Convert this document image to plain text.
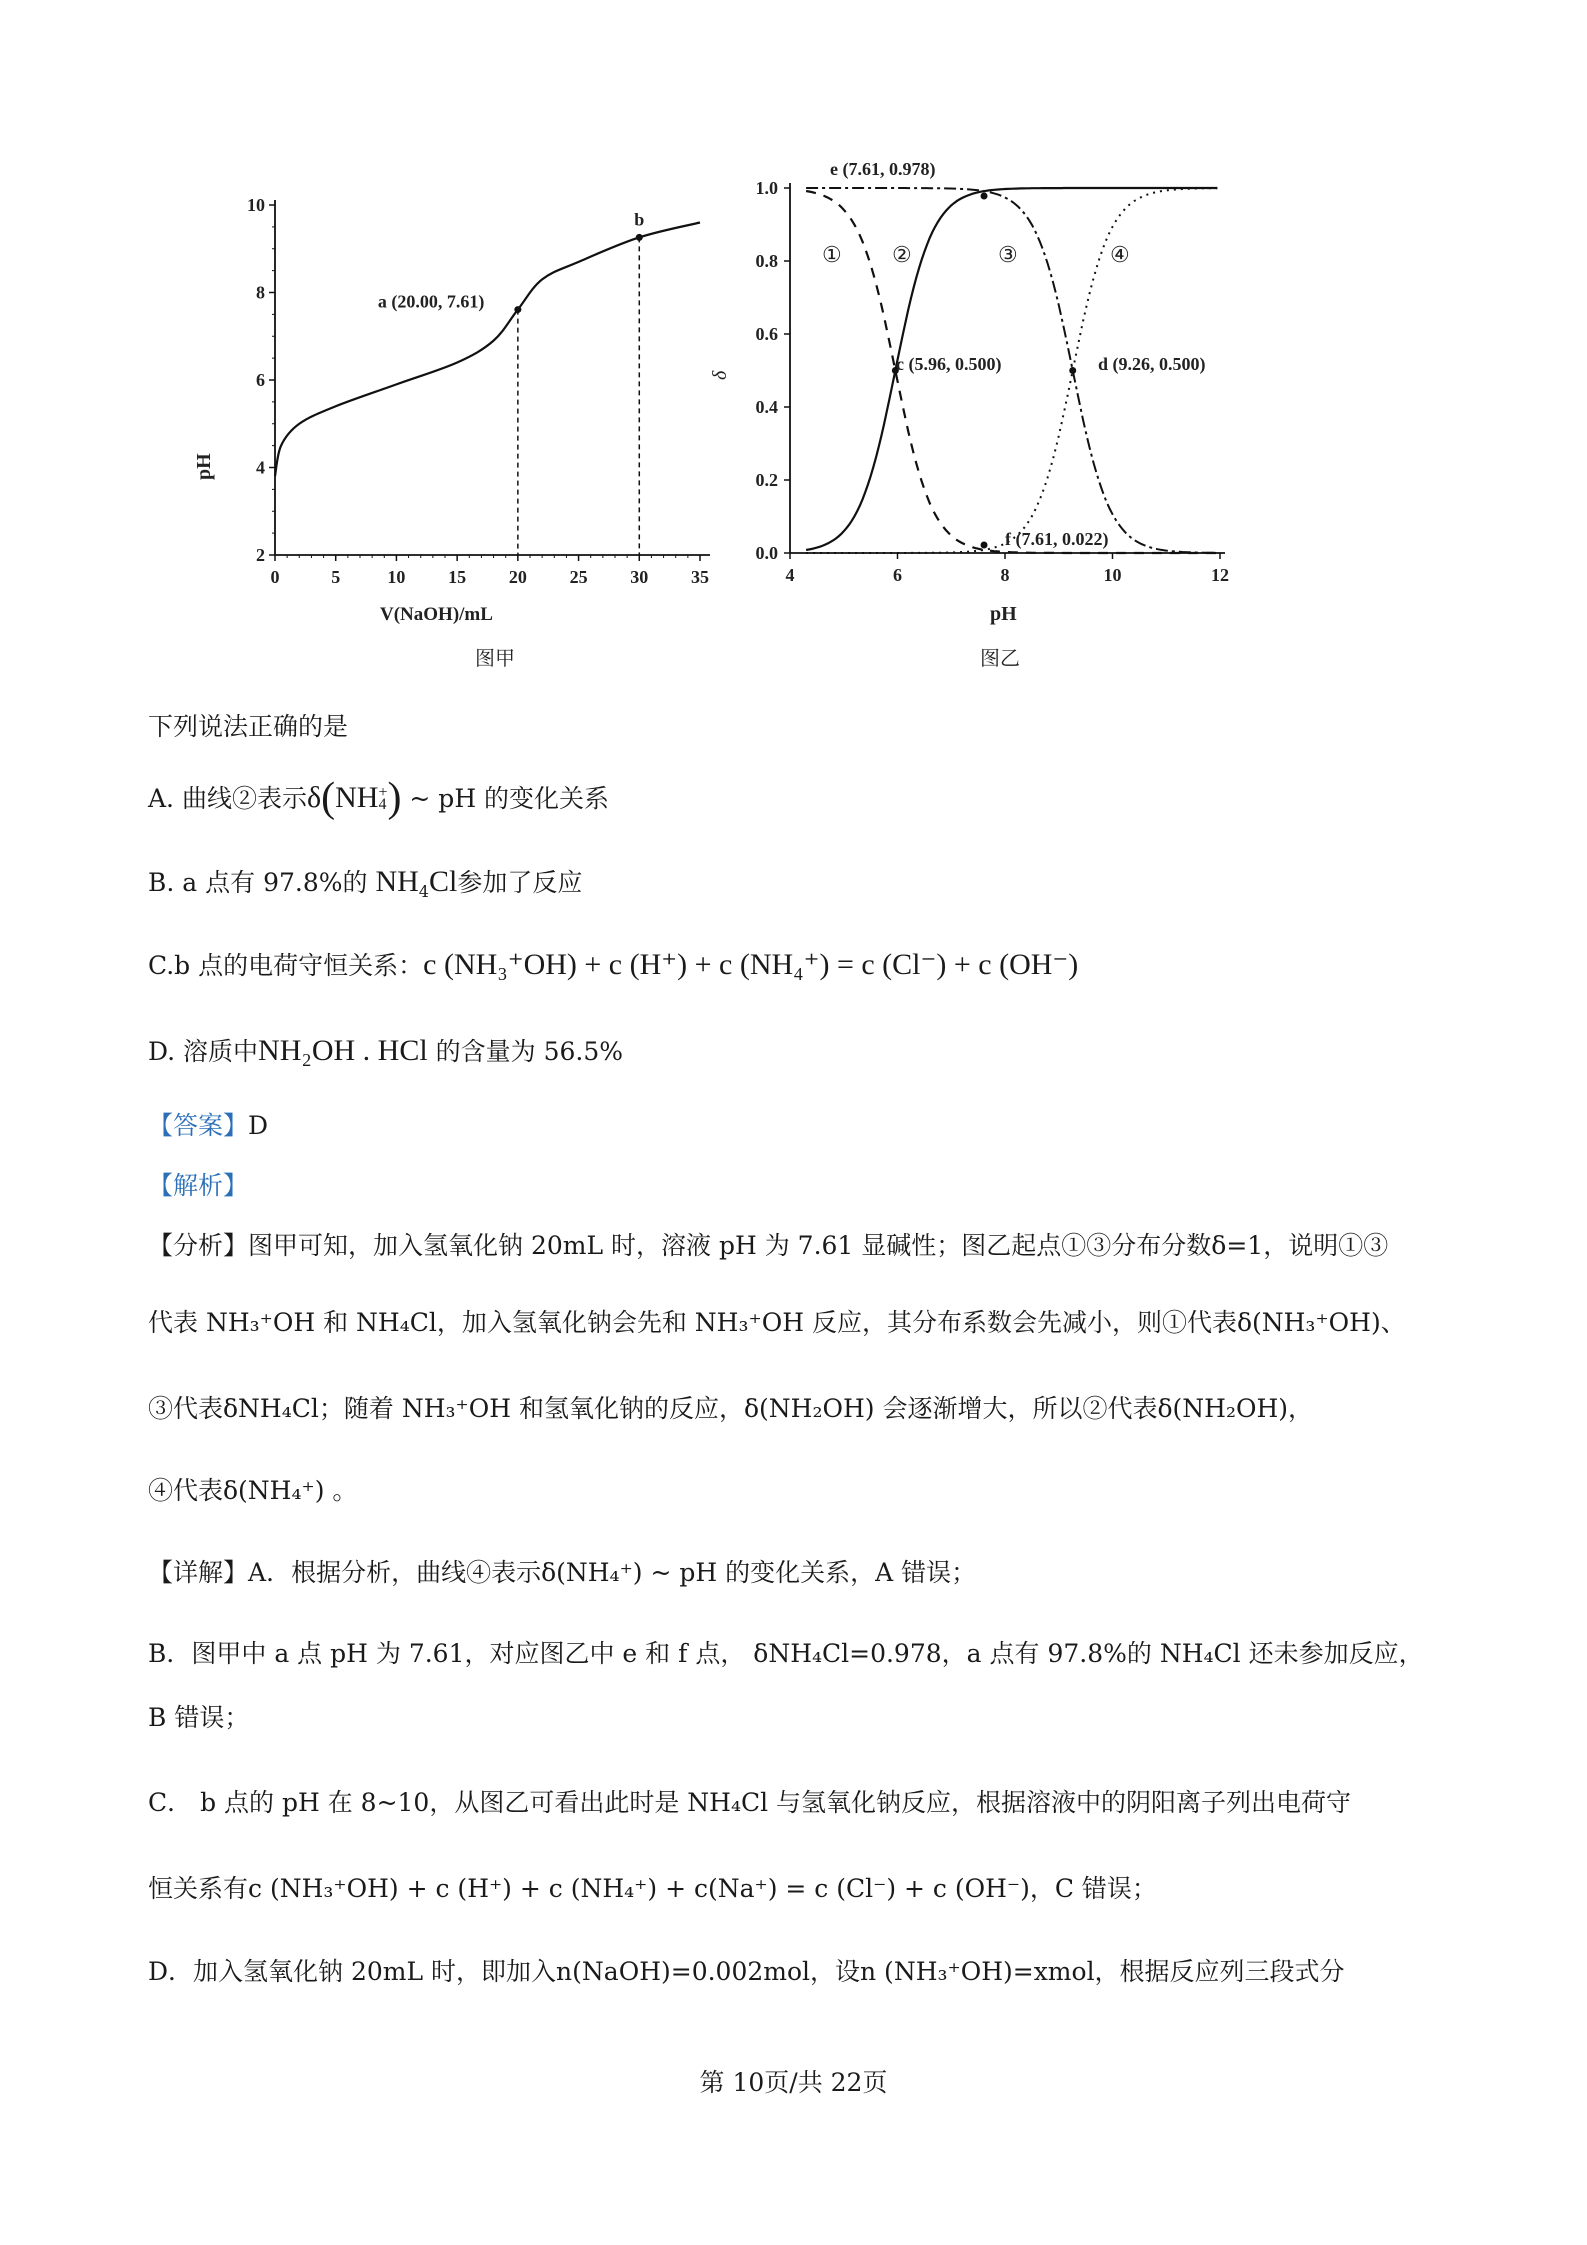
0	5	10 15 20 25 30 35
2
4
6
8
10
a (20.00, 7.61)
b
pH
V(NaOH)/mL
图甲
4	6	8	10	12
0.0
0.2
0.4
0.6
0.8
1.0
e (7.61, 0.978)
c (5.96, 0.500)	d (9.26, 0.500)
f (7.61, 0.022)
① ②	③	④
δ
pH
图乙
下列说法正确的是
A. 曲线②表示δ(NH +
4 ) ~ pH 的变化关系
B. a 点有 97.8%的 $NH_4Cl$参加了反应
C.b 点的电荷守恒关系：c (NH₃⁺OH) + c (H⁺) + c (NH₄⁺) = c (Cl⁻) + c (OH⁻)
D. 溶质中NH₂OH . HCl 的含量为 56.5%
【答案】D
【解析】
【分析】图甲可知，加入氢氧化钠 20mL 时，溶液 pH 为 7.61 显碱性；图乙起点①③分布分数δ=1，说明①③
代表 NH₃⁺OH 和 NH₄Cl，加入氢氧化钠会先和 NH₃⁺OH 反应，其分布系数会先减小，则①代表δ(NH₃⁺OH)、
③代表δNH₄Cl；随着 NH₃⁺OH 和氢氧化钠的反应，δ(NH₂OH) 会逐渐增大，所以②代表δ(NH₂OH)，
④代表δ(NH₄⁺) 。
【详解】A．根据分析，曲线④表示δ(NH₄⁺) ~ pH 的变化关系，A 错误；
B．图甲中 a 点 pH 为 7.61，对应图乙中 e 和 f 点， δNH₄Cl=0.978，a 点有 97.8%的 NH₄Cl 还未参加反应，
B 错误；
C． b 点的 pH 在 8~10，从图乙可看出此时是 NH₄Cl 与氢氧化钠反应，根据溶液中的阴阳离子列出电荷守
恒关系有c (NH₃⁺OH) + c (H⁺) + c (NH₄⁺) + c(Na⁺) = c (Cl⁻) + c (OH⁻)，C 错误；
D．加入氢氧化钠 20mL 时，即加入n(NaOH)=0.002mol，设n (NH₃⁺OH)=xmol，根据反应列三段式分
第 10页/共 22页
